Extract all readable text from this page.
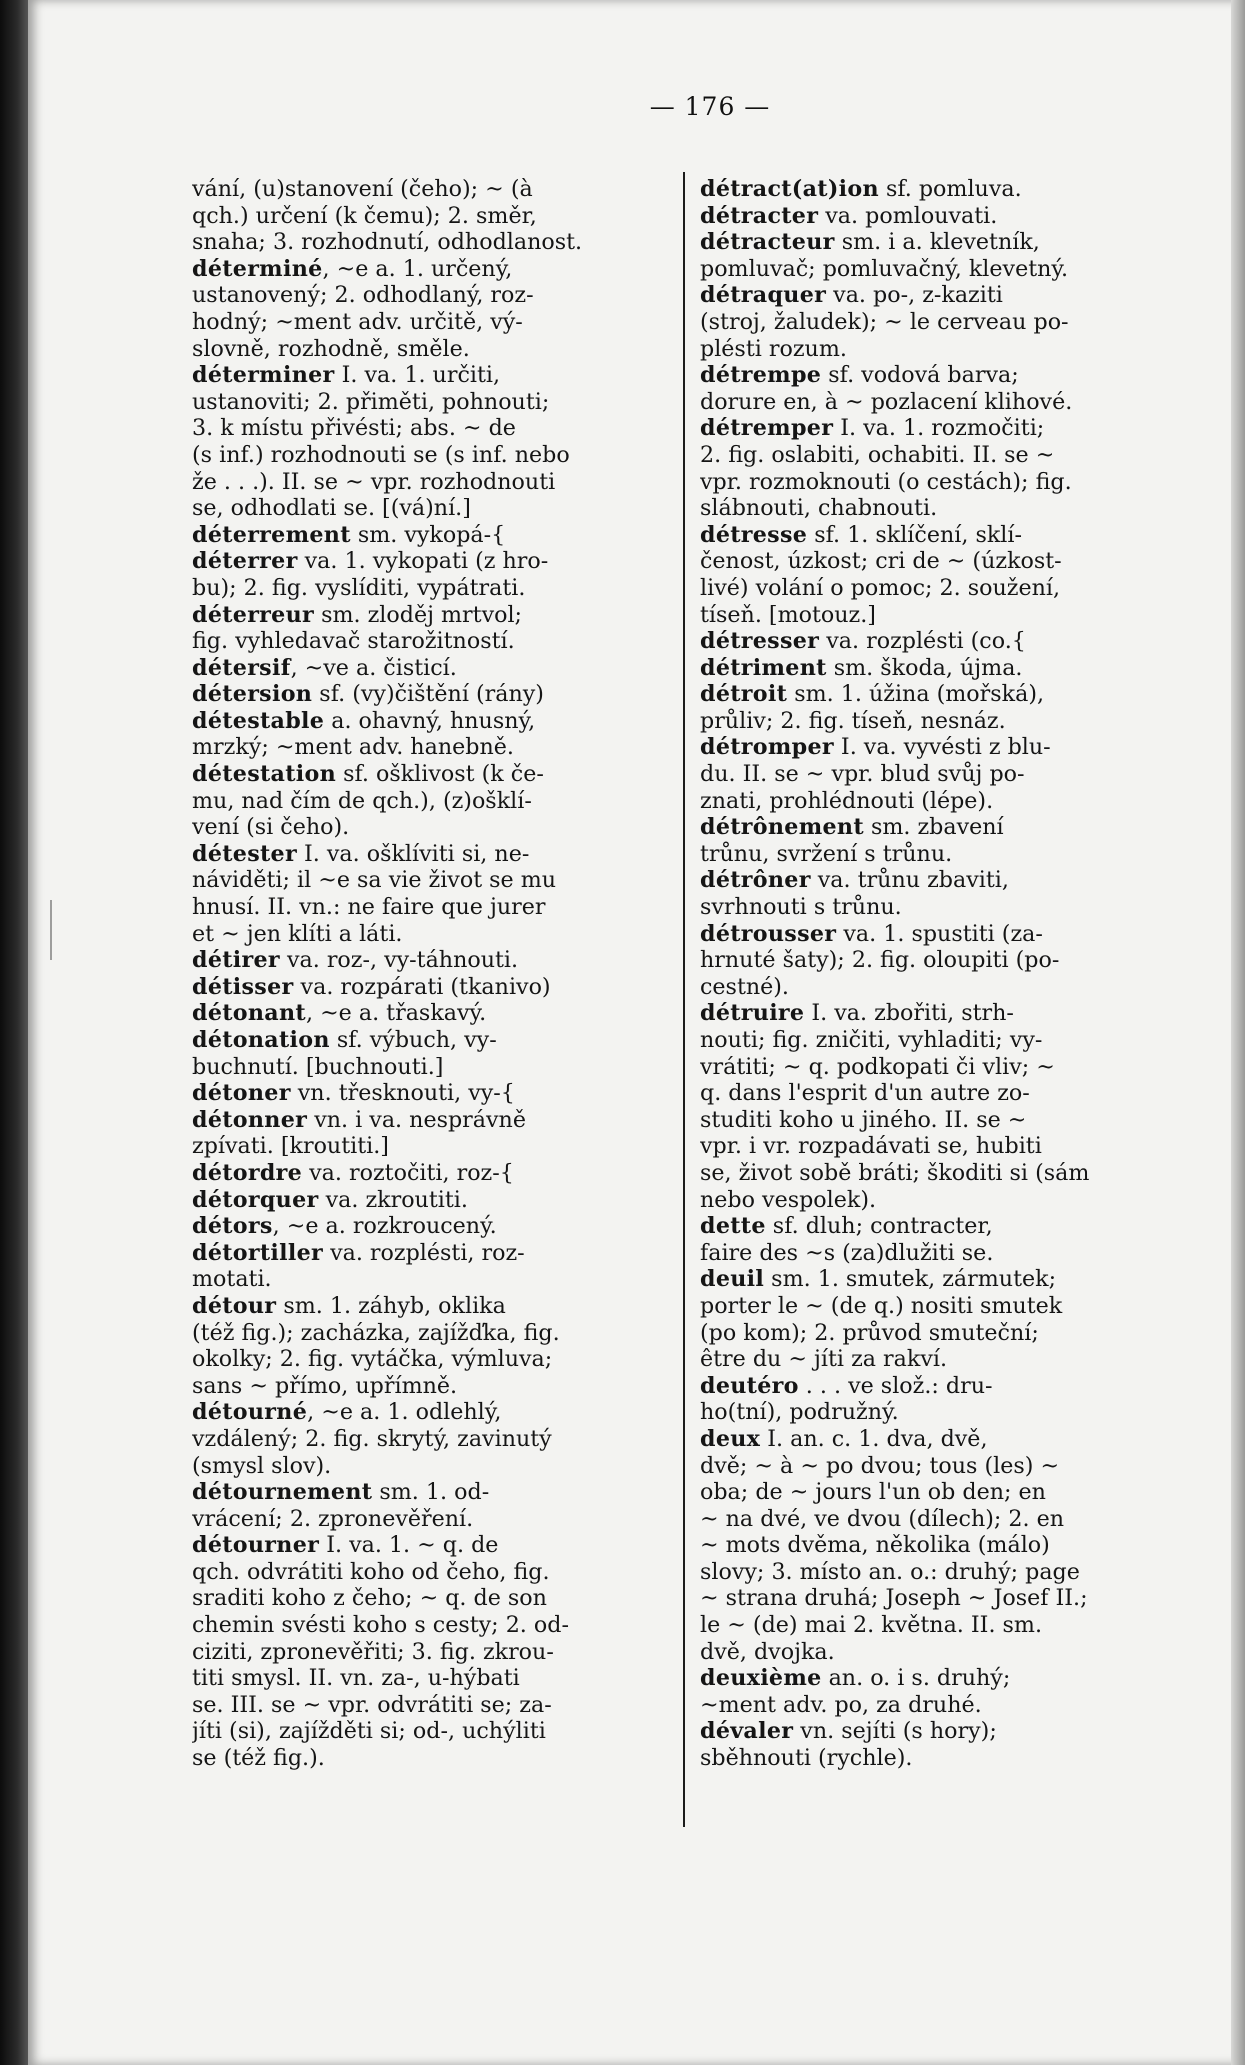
— 176 —
vání, (u)stanovení (čeho); ~ (à
qch.) určení (k čemu); 2. směr,
snaha; 3. rozhodnutí, odhodlanost.
déterminé, ~e a. 1. určený,
ustanovený; 2. odhodlaný, roz-
hodný; ~ment adv. určitě, vý-
slovně, rozhodně, směle.
déterminer I. va. 1. určiti,
ustanoviti; 2. přiměti, pohnouti;
3. k místu přivésti; abs. ~ de
(s inf.) rozhodnouti se (s inf. nebo
že . . .). II. se ~ vpr. rozhodnouti
se, odhodlati se. [(vá)ní.]
déterrement sm. vykopá-{
déterrer va. 1. vykopati (z hro-
bu); 2. fig. vyslíditi, vypátrati.
déterreur sm. zloděj mrtvol;
fig. vyhledavač starožitností.
détersif, ~ve a. čisticí.
détersion sf. (vy)čištění (rány)
détestable a. ohavný, hnusný,
mrzký; ~ment adv. hanebně.
détestation sf. ošklivost (k če-
mu, nad čím de qch.), (z)ošklí-
vení (si čeho).
détester I. va. ošklíviti si, ne-
náviděti; il ~e sa vie život se mu
hnusí. II. vn.: ne faire que jurer
et ~ jen klíti a láti.
détirer va. roz-, vy-táhnouti.
détisser va. rozpárati (tkanivo)
détonant, ~e a. třaskavý.
détonation sf. výbuch, vy-
buchnutí. [buchnouti.]
détoner vn. třesknouti, vy-{
détonner vn. i va. nesprávně
zpívati. [kroutiti.]
détordre va. roztočiti, roz-{
détorquer va. zkroutiti.
détors, ~e a. rozkroucený.
détortiller va. rozplésti, roz-
motati.
détour sm. 1. záhyb, oklika
(též fig.); zacházka, zajížďka, fig.
okolky; 2. fig. vytáčka, výmluva;
sans ~ přímo, upřímně.
détourné, ~e a. 1. odlehlý,
vzdálený; 2. fig. skrytý, zavinutý
(smysl slov).
détournement sm. 1. od-
vrácení; 2. zpronevěření.
détourner I. va. 1. ~ q. de
qch. odvrátiti koho od čeho, fig.
sraditi koho z čeho; ~ q. de son
chemin svésti koho s cesty; 2. od-
ciziti, zpronevěřiti; 3. fig. zkrou-
titi smysl. II. vn. za-, u-hýbati
se. III. se ~ vpr. odvrátiti se; za-
jíti (si), zajížděti si; od-, uchýliti
se (též fig.).
détract(at)ion sf. pomluva.
détracter va. pomlouvati.
détracteur sm. i a. klevetník,
pomluvač; pomluvačný, klevetný.
détraquer va. po-, z-kaziti
(stroj, žaludek); ~ le cerveau po-
plésti rozum.
détrempe sf. vodová barva;
dorure en, à ~ pozlacení klihové.
détremper I. va. 1. rozmočiti;
2. fig. oslabiti, ochabiti. II. se ~
vpr. rozmoknouti (o cestách); fig.
slábnouti, chabnouti.
détresse sf. 1. sklíčení, sklí-
čenost, úzkost; cri de ~ (úzkost-
livé) volání o pomoc; 2. soužení,
tíseň. [motouz.]
détresser va. rozplésti (co.{
détriment sm. škoda, újma.
détroit sm. 1. úžina (mořská),
průliv; 2. fig. tíseň, nesnáz.
détromper I. va. vyvésti z blu-
du. II. se ~ vpr. blud svůj po-
znati, prohlédnouti (lépe).
détrônement sm. zbavení
trůnu, svržení s trůnu.
détrôner va. trůnu zbaviti,
svrhnouti s trůnu.
détrousser va. 1. spustiti (za-
hrnuté šaty); 2. fig. oloupiti (po-
cestné).
détruire I. va. zbořiti, strh-
nouti; fig. zničiti, vyhladiti; vy-
vrátiti; ~ q. podkopati či vliv; ~
q. dans l'esprit d'un autre zo-
studiti koho u jiného. II. se ~
vpr. i vr. rozpadávati se, hubiti
se, život sobě bráti; škoditi si (sám
nebo vespolek).
dette sf. dluh; contracter,
faire des ~s (za)dlužiti se.
deuil sm. 1. smutek, zármutek;
porter le ~ (de q.) nositi smutek
(po kom); 2. průvod smuteční;
être du ~ jíti za rakví.
deutéro . . . ve slož.: dru-
ho(tní), podružný.
deux I. an. c. 1. dva, dvě,
dvě; ~ à ~ po dvou; tous (les) ~
oba; de ~ jours l'un ob den; en
~ na dvé, ve dvou (dílech); 2. en
~ mots dvěma, několika (málo)
slovy; 3. místo an. o.: druhý; page
~ strana druhá; Joseph ~ Josef II.;
le ~ (de) mai 2. května. II. sm.
dvě, dvojka.
deuxième an. o. i s. druhý;
~ment adv. po, za druhé.
dévaler vn. sejíti (s hory);
sběhnouti (rychle).
